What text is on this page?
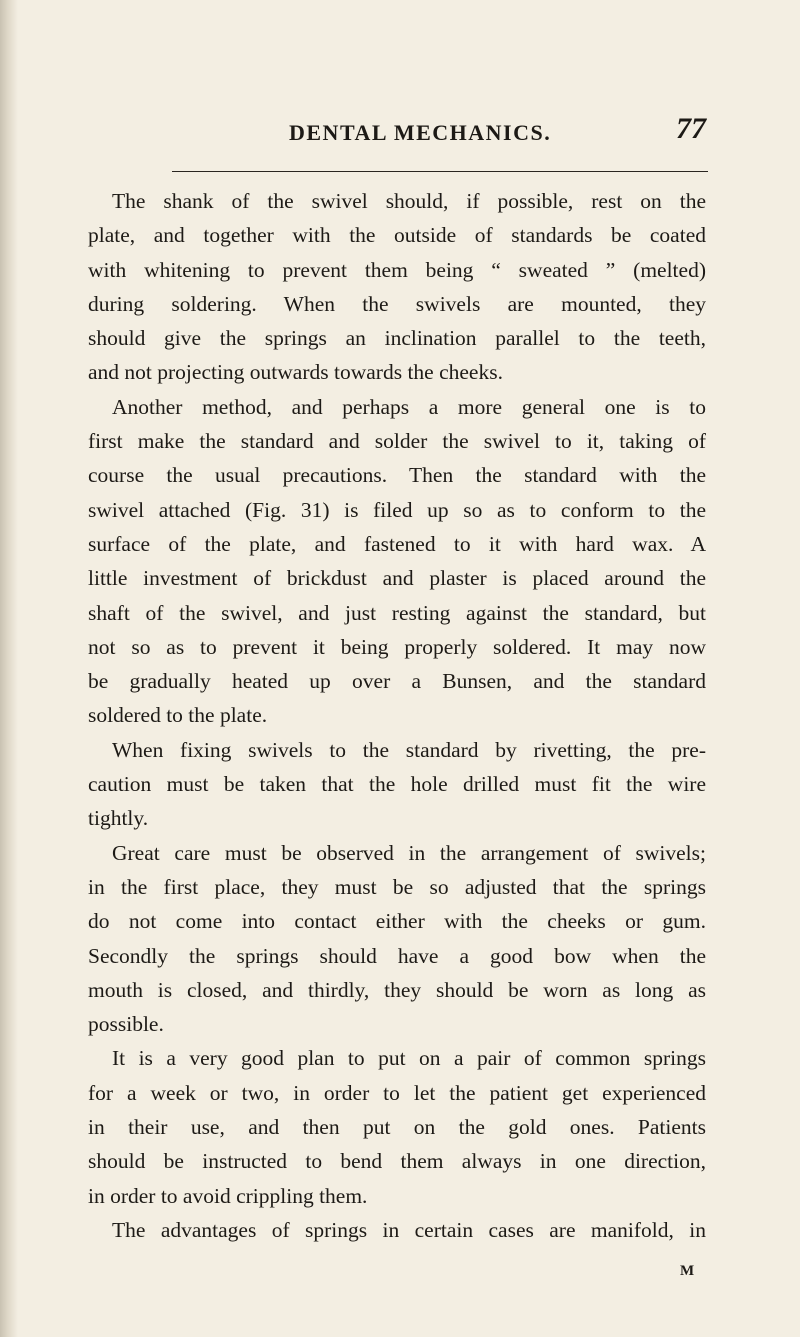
DENTAL MECHANICS.	77
The shank of the swivel should, if possible, rest on the
plate, and together with the outside of standards be coated
with whitening to prevent them being “ sweated ” (melted)
during soldering. When the swivels are mounted, they
should give the springs an inclination parallel to the teeth,
and not projecting outwards towards the cheeks.
Another method, and perhaps a more general one is to
first make the standard and solder the swivel to it, taking of
course the usual precautions. Then the standard with the
swivel attached (Fig. 31) is filed up so as to conform to the
surface of the plate, and fastened to it with hard wax. A
little investment of brickdust and plaster is placed around the
shaft of the swivel, and just resting against the standard, but
not so as to prevent it being properly soldered. It may now
be gradually heated up over a Bunsen, and the standard
soldered to the plate.
When fixing swivels to the standard by rivetting, the pre-
caution must be taken that the hole drilled must fit the wire
tightly.
Great care must be observed in the arrangement of swivels;
in the first place, they must be so adjusted that the springs
do not come into contact either with the cheeks or gum.
Secondly the springs should have a good bow when the
mouth is closed, and thirdly, they should be worn as long as
possible.
It is a very good plan to put on a pair of common springs
for a week or two, in order to let the patient get experienced
in their use, and then put on the gold ones. Patients
should be instructed to bend them always in one direction,
in order to avoid crippling them.
The advantages of springs in certain cases are manifold, in
M
